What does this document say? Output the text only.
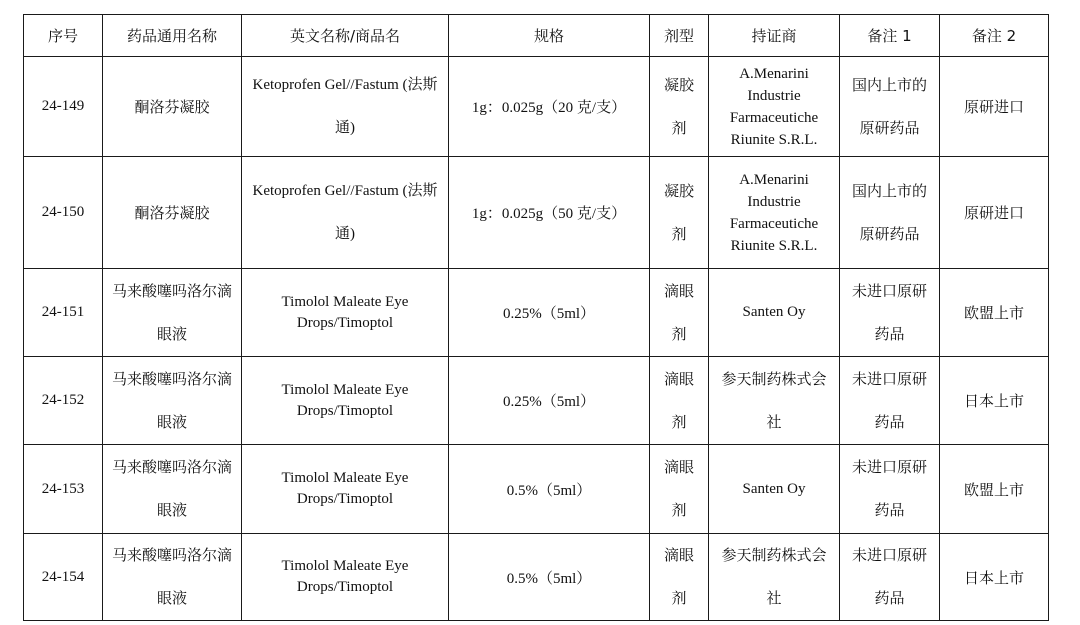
序号	药品通用名称	英文名称/商品名	规格	剂型	持证商	备注 1	备注 2
24-149	酮洛芬凝胶	Ketoprofen Gel//Fastum (法斯通)	1g：0.025g（20 克/支）	凝胶剂	A.Menarini Industrie Farmaceutiche Riunite S.R.L.	国内上市的原研药品	原研进口
24-150	酮洛芬凝胶	Ketoprofen Gel//Fastum (法斯通)	1g：0.025g（50 克/支）	凝胶剂	A.Menarini Industrie Farmaceutiche Riunite S.R.L.	国内上市的原研药品	原研进口
24-151	马来酸噻吗洛尔滴眼液	Timolol Maleate Eye Drops/Timoptol	0.25%（5ml）	滴眼剂	Santen Oy	未进口原研药品	欧盟上市
24-152	马来酸噻吗洛尔滴眼液	Timolol Maleate Eye Drops/Timoptol	0.25%（5ml）	滴眼剂	参天制药株式会社	未进口原研药品	日本上市
24-153	马来酸噻吗洛尔滴眼液	Timolol Maleate Eye Drops/Timoptol	0.5%（5ml）	滴眼剂	Santen Oy	未进口原研药品	欧盟上市
24-154	马来酸噻吗洛尔滴眼液	Timolol Maleate Eye Drops/Timoptol	0.5%（5ml）	滴眼剂	参天制药株式会社	未进口原研药品	日本上市
